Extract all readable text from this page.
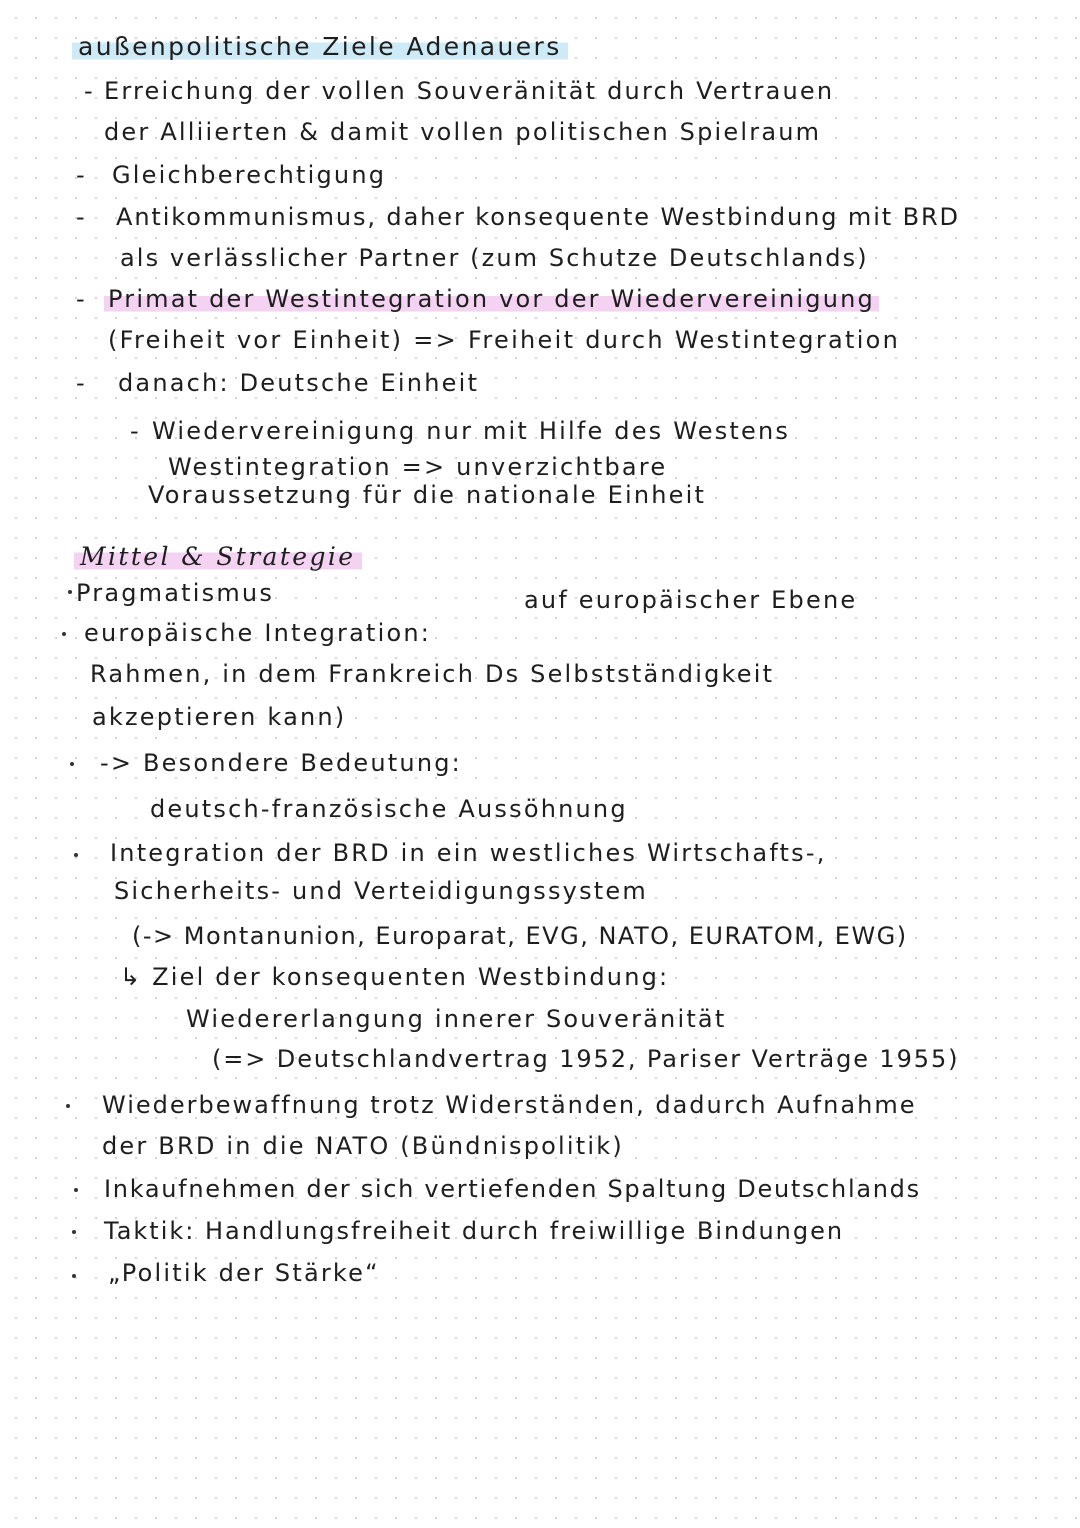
außenpolitische Ziele Adenauers
- Erreichung der vollen Souveränität durch Vertrauen
der Alliierten & damit vollen politischen Spielraum
- Gleichberechtigung
- Antikommunismus, daher konsequente Westbindung mit BRD
als verlässlicher Partner (zum Schutze Deutschlands)
- Primat der Westintegration vor der Wiedervereinigung
(Freiheit vor Einheit) => Freiheit durch Westintegration
- danach: Deutsche Einheit
- Wiedervereinigung nur mit Hilfe des Westens
Westintegration => unverzichtbare
Voraussetzung für die nationale Einheit
Mittel & Strategie
Pragmatismus	auf europäischer Ebene
europäische Integration:
Rahmen, in dem Frankreich Ds Selbstständigkeit
akzeptieren kann)
-> Besondere Bedeutung:
deutsch-französische Aussöhnung
Integration der BRD in ein westliches Wirtschafts-,
Sicherheits- und Verteidigungssystem
(-> Montanunion, Europarat, EVG, NATO, EURATOM, EWG)
↳ Ziel der konsequenten Westbindung:
Wiedererlangung innerer Souveränität
(=> Deutschlandvertrag 1952, Pariser Verträge 1955)
Wiederbewaffnung trotz Widerständen, dadurch Aufnahme
der BRD in die NATO (Bündnispolitik)
Inkaufnehmen der sich vertiefenden Spaltung Deutschlands
Taktik: Handlungsfreiheit durch freiwillige Bindungen
„Politik der Stärke“
